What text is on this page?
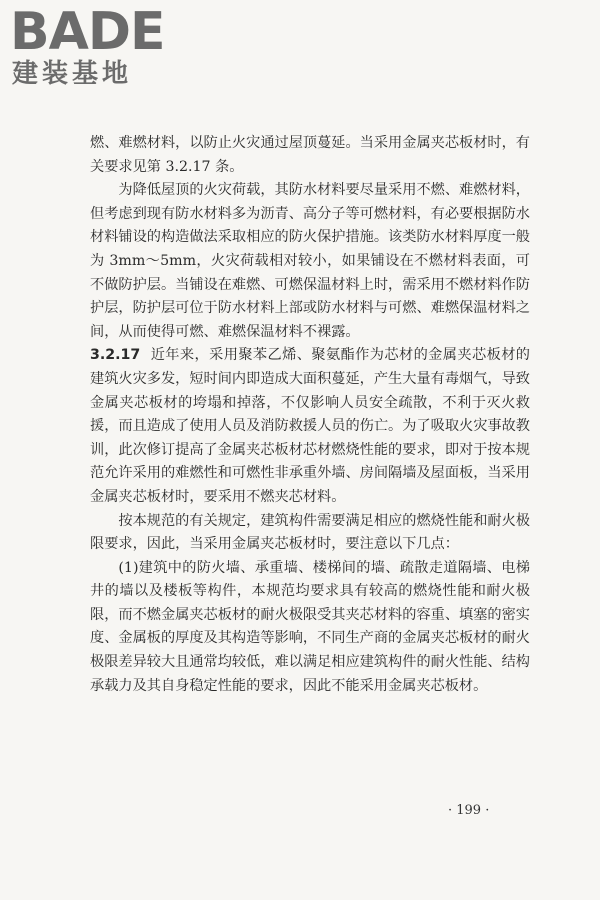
BADE
建装基地

燃、难燃材料，以防止火灾通过屋顶蔓延。当采用金属夹芯板材时，有关要求见第 3.2.17 条。

为降低屋顶的火灾荷载，其防水材料要尽量采用不燃、难燃材料，但考虑到现有防水材料多为沥青、高分子等可燃材料，有必要根据防水材料铺设的构造做法采取相应的防火保护措施。该类防水材料厚度一般为 3mm～5mm，火灾荷载相对较小，如果铺设在不燃材料表面，可不做防护层。当铺设在难燃、可燃保温材料上时，需采用不燃材料作防护层，防护层可位于防水材料上部或防水材料与可燃、难燃保温材料之间，从而使得可燃、难燃保温材料不裸露。

3.2.17 近年来，采用聚苯乙烯、聚氨酯作为芯材的金属夹芯板材的建筑火灾多发，短时间内即造成大面积蔓延，产生大量有毒烟气，导致金属夹芯板材的垮塌和掉落，不仅影响人员安全疏散，不利于灭火救援，而且造成了使用人员及消防救援人员的伤亡。为了吸取火灾事故教训，此次修订提高了金属夹芯板材芯材燃烧性能的要求，即对于按本规范允许采用的难燃性和可燃性非承重外墙、房间隔墙及屋面板，当采用金属夹芯板材时，要采用不燃夹芯材料。

按本规范的有关规定，建筑构件需要满足相应的燃烧性能和耐火极限要求，因此，当采用金属夹芯板材时，要注意以下几点：

(1)建筑中的防火墙、承重墙、楼梯间的墙、疏散走道隔墙、电梯井的墙以及楼板等构件，本规范均要求具有较高的燃烧性能和耐火极限，而不燃金属夹芯板材的耐火极限受其夹芯材料的容重、填塞的密实度、金属板的厚度及其构造等影响，不同生产商的金属夹芯板材的耐火极限差异较大且通常均较低，难以满足相应建筑构件的耐火性能、结构承载力及其自身稳定性能的要求，因此不能采用金属夹芯板材。

· 199 ·
